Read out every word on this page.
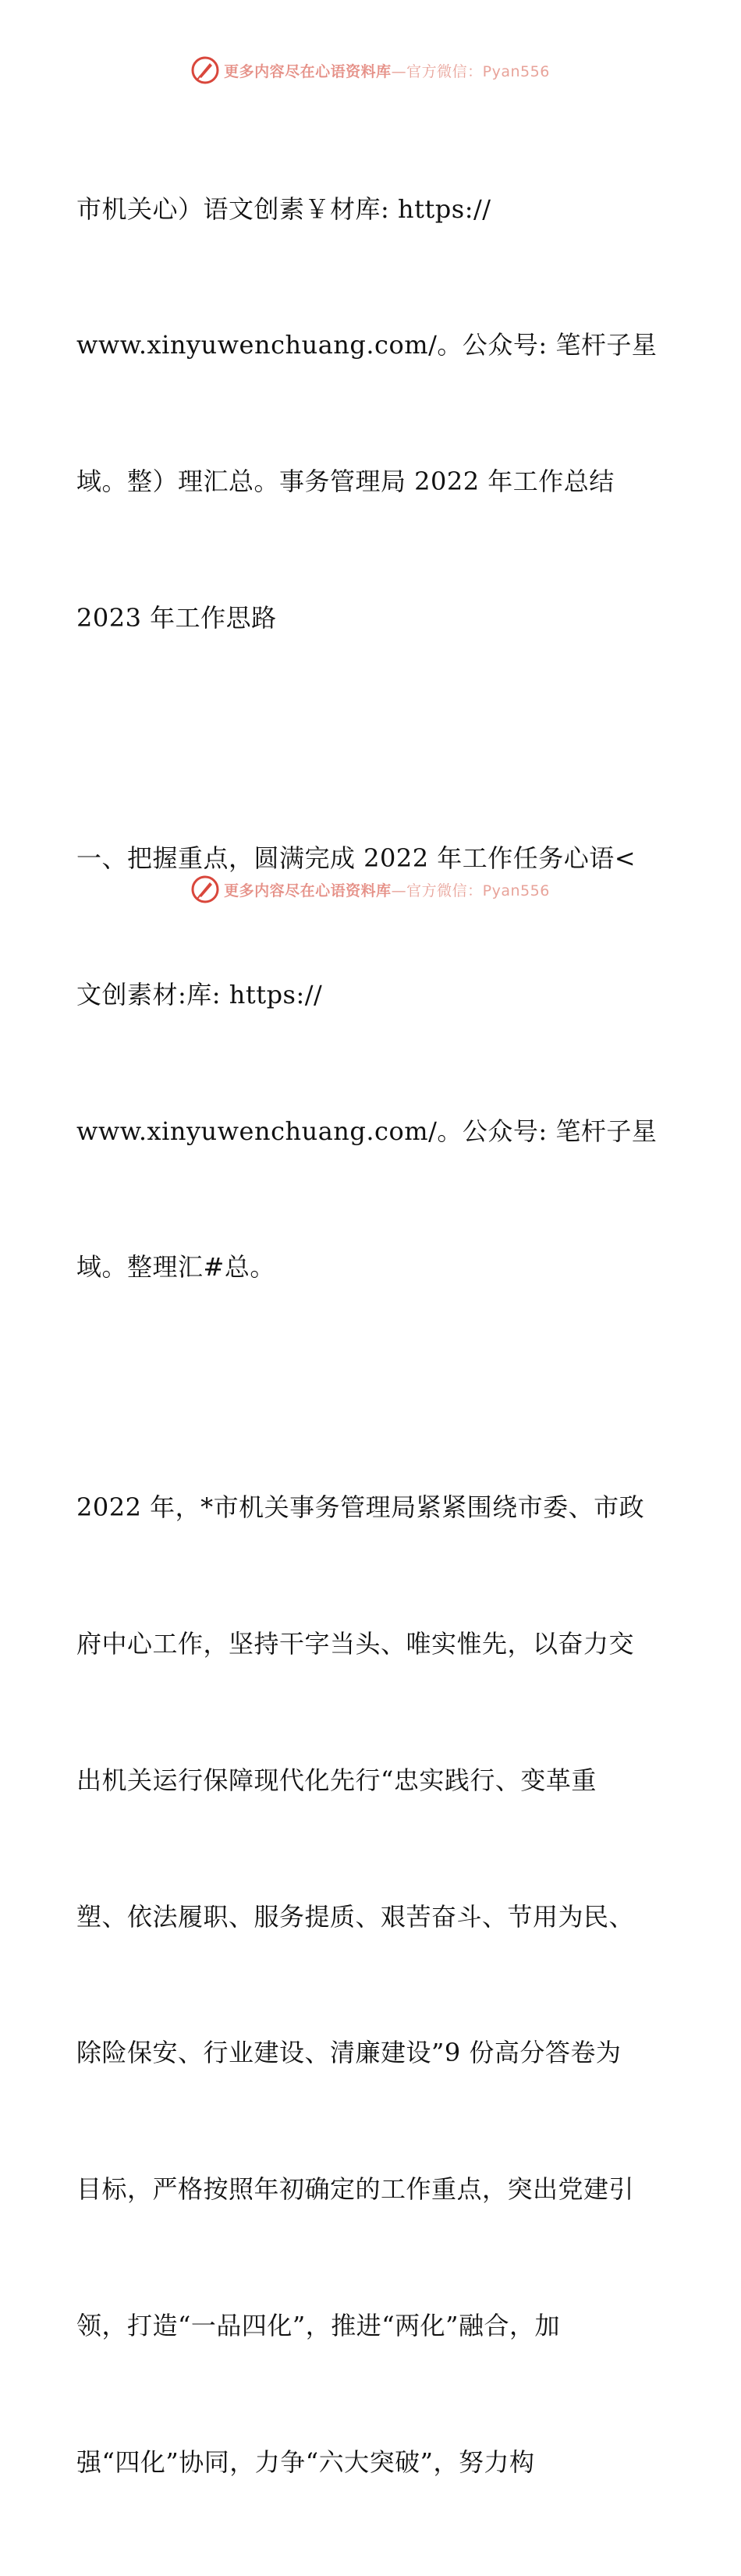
更多内容尽在心语资料库—官方微信：Pyan556

市机关心）语文创素￥材库: https://

www.xinyuwenchuang.com/。公众号: 笔杆子星

域。整）理汇总。事务管理局 2022 年工作总结

2023 年工作思路

一、把握重点，圆满完成 2022 年工作任务心语<

文创素材:库: https://

www.xinyuwenchuang.com/。公众号: 笔杆子星

域。整理汇#总。

2022 年，*市机关事务管理局紧紧围绕市委、市政

府中心工作，坚持干字当头、唯实惟先，以奋力交

出机关运行保障现代化先行“忠实践行、变革重

塑、依法履职、服务提质、艰苦奋斗、节用为民、

除险保安、行业建设、清廉建设”9 份高分答卷为

目标，严格按照年初确定的工作重点，突出党建引

领，打造“一品四化”，推进“两化”融合，加

强“四化”协同，力争“六大突破”，努力构

更多内容尽在心语资料库—官方微信：Pyan556
